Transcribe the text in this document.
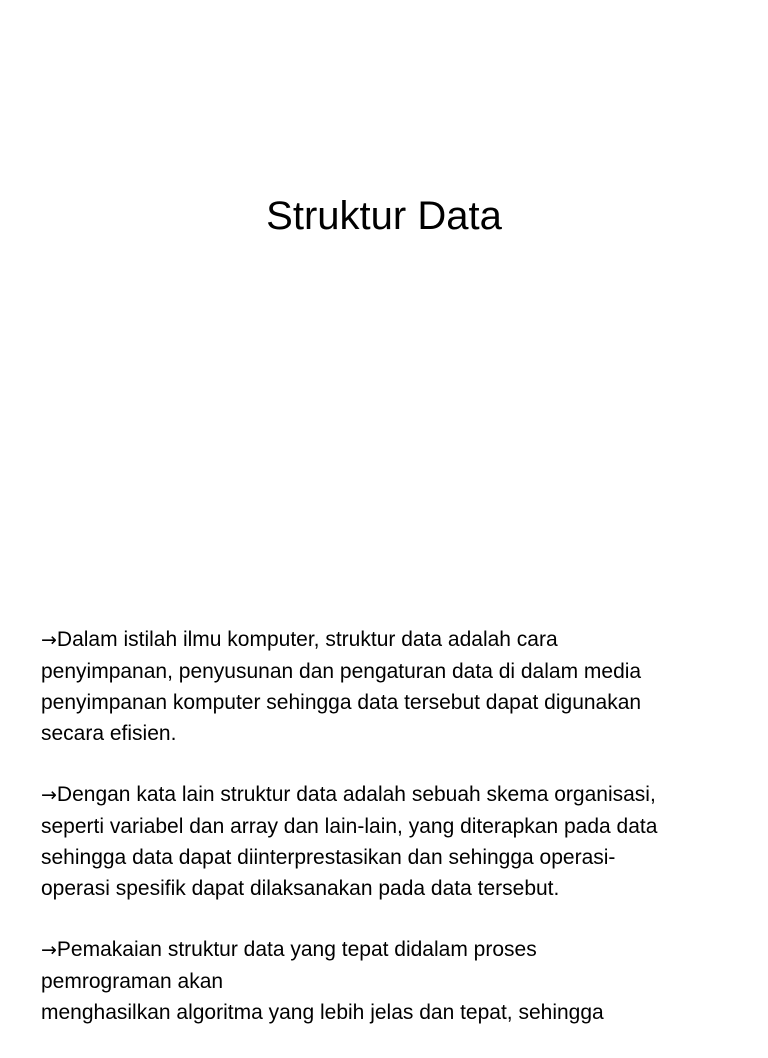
Struktur Data

→Dalam istilah ilmu komputer, struktur data adalah cara
penyimpanan, penyusunan dan pengaturan data di dalam media
penyimpanan komputer sehingga data tersebut dapat digunakan
secara efisien.

→Dengan kata lain struktur data adalah sebuah skema organisasi,
seperti variabel dan array dan lain-lain, yang diterapkan pada data
sehingga data dapat diinterprestasikan dan sehingga operasi-
operasi spesifik dapat dilaksanakan pada data tersebut.

→Pemakaian struktur data yang tepat didalam proses
pemrograman akan
menghasilkan algoritma yang lebih jelas dan tepat, sehingga
